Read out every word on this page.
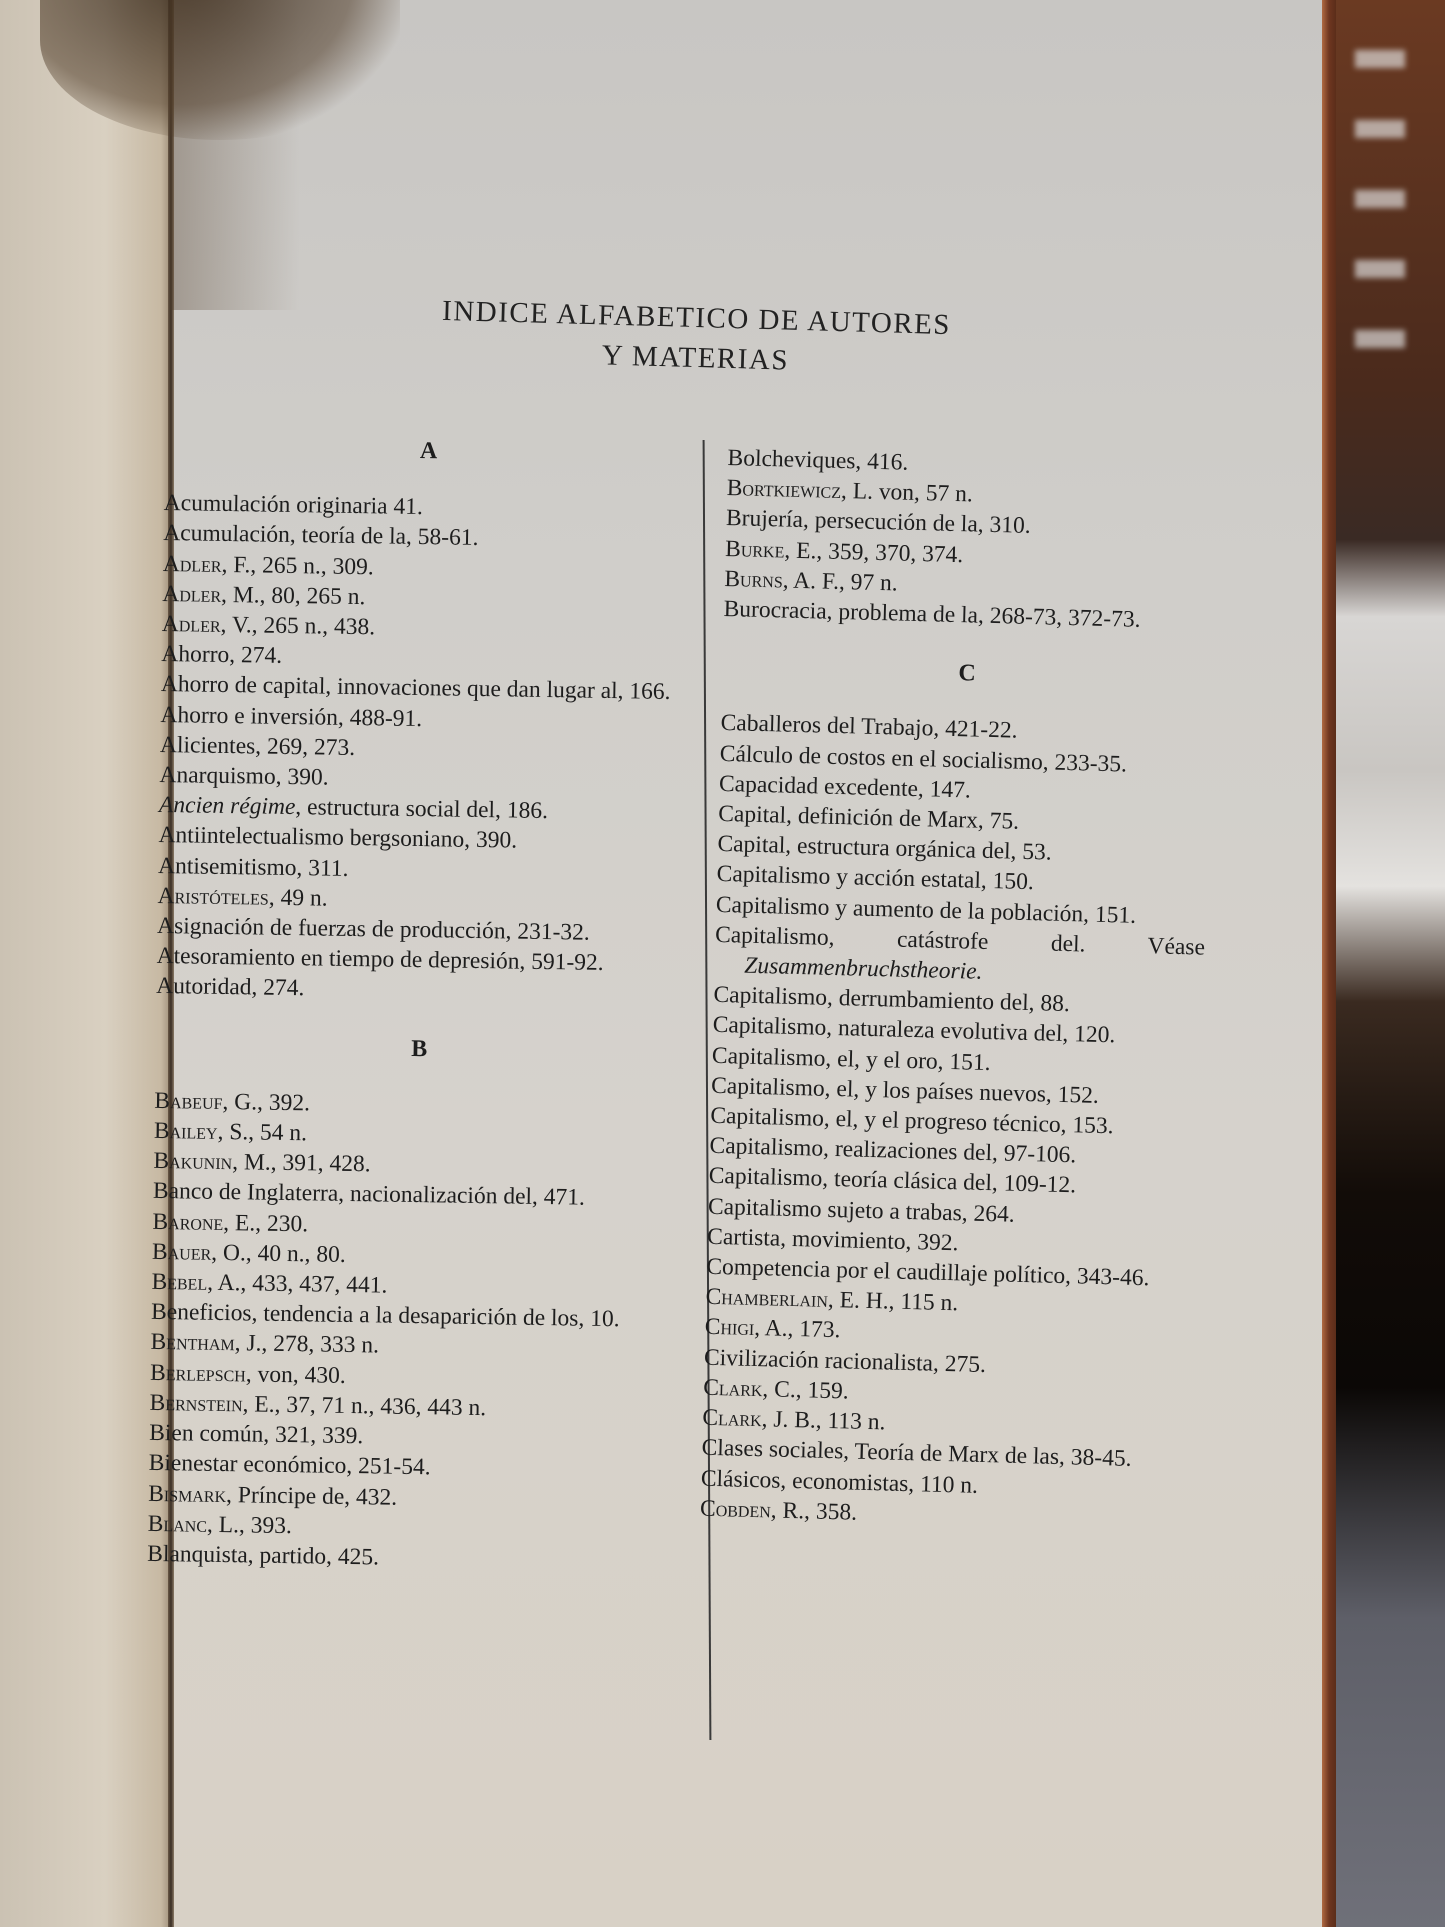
INDICE ALFABETICO DE AUTORES
Y MATERIAS
A
Acumulación originaria 41.
Acumulación, teoría de la, 58-61.
Adler, F., 265 n., 309.
Adler, M., 80, 265 n.
Adler, V., 265 n., 438.
Ahorro, 274.
Ahorro de capital, innovaciones que dan lugar al, 166.
Ahorro e inversión, 488-91.
Alicientes, 269, 273.
Anarquismo, 390.
Ancien régime, estructura social del, 186.
Antiintelectualismo bergsoniano, 390.
Antisemitismo, 311.
Aristóteles, 49 n.
Asignación de fuerzas de producción, 231-32.
Atesoramiento en tiempo de depresión, 591-92.
Autoridad, 274.
B
Babeuf, G., 392.
Bailey, S., 54 n.
Bakunin, M., 391, 428.
Banco de Inglaterra, nacionalización del, 471.
Barone, E., 230.
Bauer, O., 40 n., 80.
Bebel, A., 433, 437, 441.
Beneficios, tendencia a la desaparición de los, 10.
Bentham, J., 278, 333 n.
Berlepsch, von, 430.
Bernstein, E., 37, 71 n., 436, 443 n.
Bien común, 321, 339.
Bienestar económico, 251-54.
Bismark, Príncipe de, 432.
Blanc, L., 393.
Blanquista, partido, 425.
Bolcheviques, 416.
Bortkiewicz, L. von, 57 n.
Brujería, persecución de la, 310.
Burke, E., 359, 370, 374.
Burns, A. F., 97 n.
Burocracia, problema de la, 268-73, 372-73.
C
Caballeros del Trabajo, 421-22.
Cálculo de costos en el socialismo, 233-35.
Capacidad excedente, 147.
Capital, definición de Marx, 75.
Capital, estructura orgánica del, 53.
Capitalismo y acción estatal, 150.
Capitalismo y aumento de la población, 151.
Capitalismo, catástrofe del. Véase Zusammenbruchstheorie.
Capitalismo, derrumbamiento del, 88.
Capitalismo, naturaleza evolutiva del, 120.
Capitalismo, el, y el oro, 151.
Capitalismo, el, y los países nuevos, 152.
Capitalismo, el, y el progreso técnico, 153.
Capitalismo, realizaciones del, 97-106.
Capitalismo, teoría clásica del, 109-12.
Capitalismo sujeto a trabas, 264.
Cartista, movimiento, 392.
Competencia por el caudillaje político, 343-46.
Chamberlain, E. H., 115 n.
Chigi, A., 173.
Civilización racionalista, 275.
Clark, C., 159.
Clark, J. B., 113 n.
Clases sociales, Teoría de Marx de las, 38-45.
Clásicos, economistas, 110 n.
Cobden, R., 358.
